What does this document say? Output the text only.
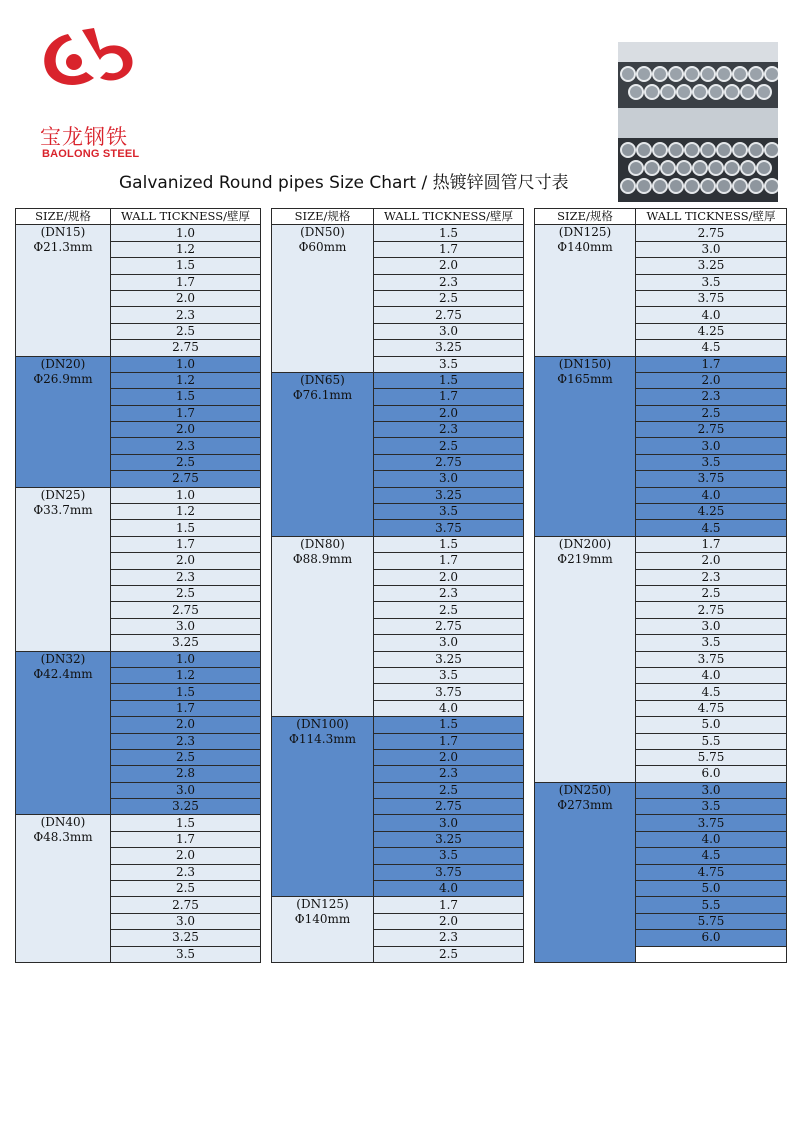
宝龙钢铁
BAOLONG STEEL
Galvanized Round pipes Size Chart / 热镀锌圆管尺寸表
SIZE/规格	WALL TICKNESS/壁厚

(DN15)
Φ21.3mm	1.0
	1.2
	1.5
	1.7
	2.0
	2.3
	2.5
	2.75

(DN20)
Φ26.9mm	1.0
	1.2
	1.5
	1.7
	2.0
	2.3
	2.5
	2.75

(DN25)
Φ33.7mm	1.0
	1.2
	1.5
	1.7
	2.0
	2.3
	2.5
	2.75
	3.0
	3.25

(DN32)
Φ42.4mm	1.0
	1.2
	1.5
	1.7
	2.0
	2.3
	2.5
	2.8
	3.0
	3.25

(DN40)
Φ48.3mm	1.5
	1.7
	2.0
	2.3
	2.5
	2.75
	3.0
	3.25
	3.5
SIZE/规格	WALL TICKNESS/壁厚

(DN50)
Φ60mm	1.5
	1.7
	2.0
	2.3
	2.5
	2.75
	3.0
	3.25
	3.5

(DN65)
Φ76.1mm	1.5
	1.7
	2.0
	2.3
	2.5
	2.75
	3.0
	3.25
	3.5
	3.75

(DN80)
Φ88.9mm	1.5
	1.7
	2.0
	2.3
	2.5
	2.75
	3.0
	3.25
	3.5
	3.75
	4.0

(DN100)
Φ114.3mm	1.5
	1.7
	2.0
	2.3
	2.5
	2.75
	3.0
	3.25
	3.5
	3.75
	4.0

(DN125)
Φ140mm	1.7
	2.0
	2.3
	2.5
SIZE/规格	WALL TICKNESS/壁厚

(DN125)
Φ140mm	2.75
	3.0
	3.25
	3.5
	3.75
	4.0
	4.25
	4.5

(DN150)
Φ165mm	1.7
	2.0
	2.3
	2.5
	2.75
	3.0
	3.5
	3.75
	4.0
	4.25
	4.5

(DN200)
Φ219mm	1.7
	2.0
	2.3
	2.5
	2.75
	3.0
	3.5
	3.75
	4.0
	4.5
	4.75
	5.0
	5.5
	5.75
	6.0

(DN250)
Φ273mm	3.0
	3.5
	3.75
	4.0
	4.5
	4.75
	5.0
	5.5
	5.75
	6.0
